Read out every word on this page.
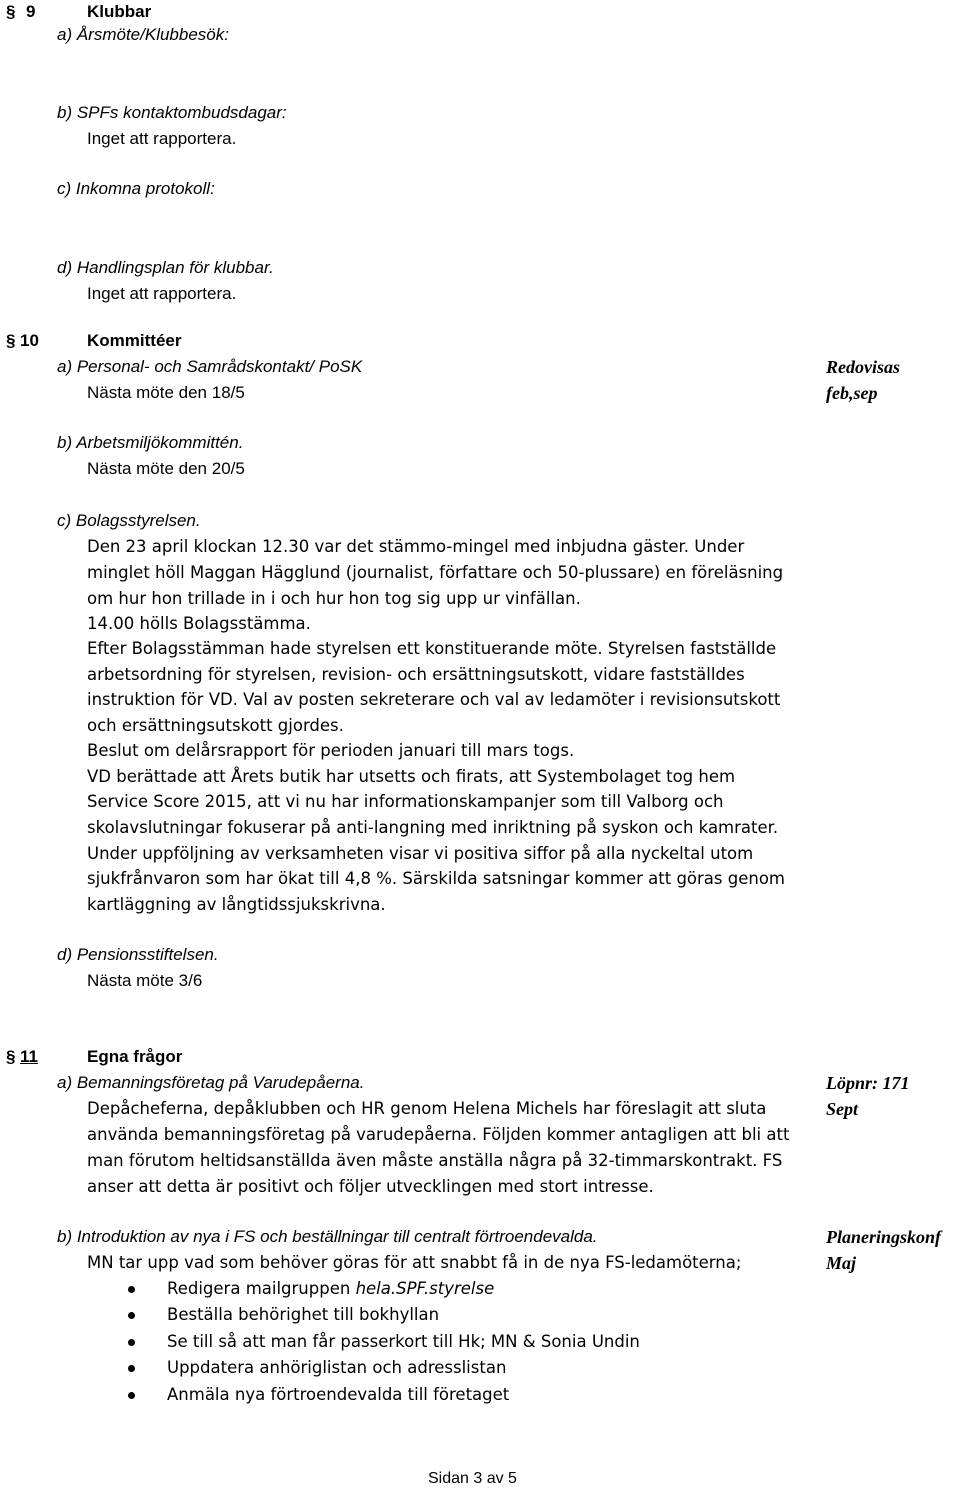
§ 9	Klubbar
a) Årsmöte/Klubbesök:
b) SPFs kontaktombudsdagar:
Inget att rapportera.
c) Inkomna protokoll:
d) Handlingsplan för klubbar.
Inget att rapportera.
§ 10	Kommittéer
a) Personal- och Samrådskontakt/ PoSK
Nästa möte den 18/5
Redovisas
feb,sep
b) Arbetsmiljökommittén.
Nästa möte den 20/5
c) Bolagsstyrelsen.
Den 23 april klockan 12.30 var det stämmo-mingel med inbjudna gäster. Under
minglet höll Maggan Hägglund (journalist, författare och 50-plussare) en föreläsning
om hur hon trillade in i och hur hon tog sig upp ur vinfällan.
14.00 hölls Bolagsstämma.
Efter Bolagsstämman hade styrelsen ett konstituerande möte. Styrelsen fastställde
arbetsordning för styrelsen, revision- och ersättningsutskott, vidare fastställdes
instruktion för VD. Val av posten sekreterare och val av ledamöter i revisionsutskott
och ersättningsutskott gjordes.
Beslut om delårsrapport för perioden januari till mars togs.
VD berättade att Årets butik har utsetts och firats, att Systembolaget tog hem
Service Score 2015, att vi nu har informationskampanjer som till Valborg och
skolavslutningar fokuserar på anti-langning med inriktning på syskon och kamrater.
Under uppföljning av verksamheten visar vi positiva siffor på alla nyckeltal utom
sjukfrånvaron som har ökat till 4,8 %. Särskilda satsningar kommer att göras genom
kartläggning av långtidssjukskrivna.
d) Pensionsstiftelsen.
Nästa möte 3/6
§ 11	Egna frågor
a) Bemanningsföretag på Varudepåerna.	Löpnr: 171
Sept
Depåcheferna, depåklubben och HR genom Helena Michels har föreslagit att sluta
använda bemanningsföretag på varudepåerna. Följden kommer antagligen att bli att
man förutom heltidsanställda även måste anställa några på 32-timmarskontrakt. FS
anser att detta är positivt och följer utvecklingen med stort intresse.
b) Introduktion av nya i FS och beställningar till centralt förtroendevalda.	Planeringskonf
Maj
MN tar upp vad som behöver göras för att snabbt få in de nya FS-ledamöterna;
Redigera mailgruppen hela.SPF.styrelse
Beställa behörighet till bokhyllan
Se till så att man får passerkort till Hk; MN & Sonia Undin
Uppdatera anhöriglistan och adresslistan
Anmäla nya förtroendevalda till företaget
Sidan 3 av 5
